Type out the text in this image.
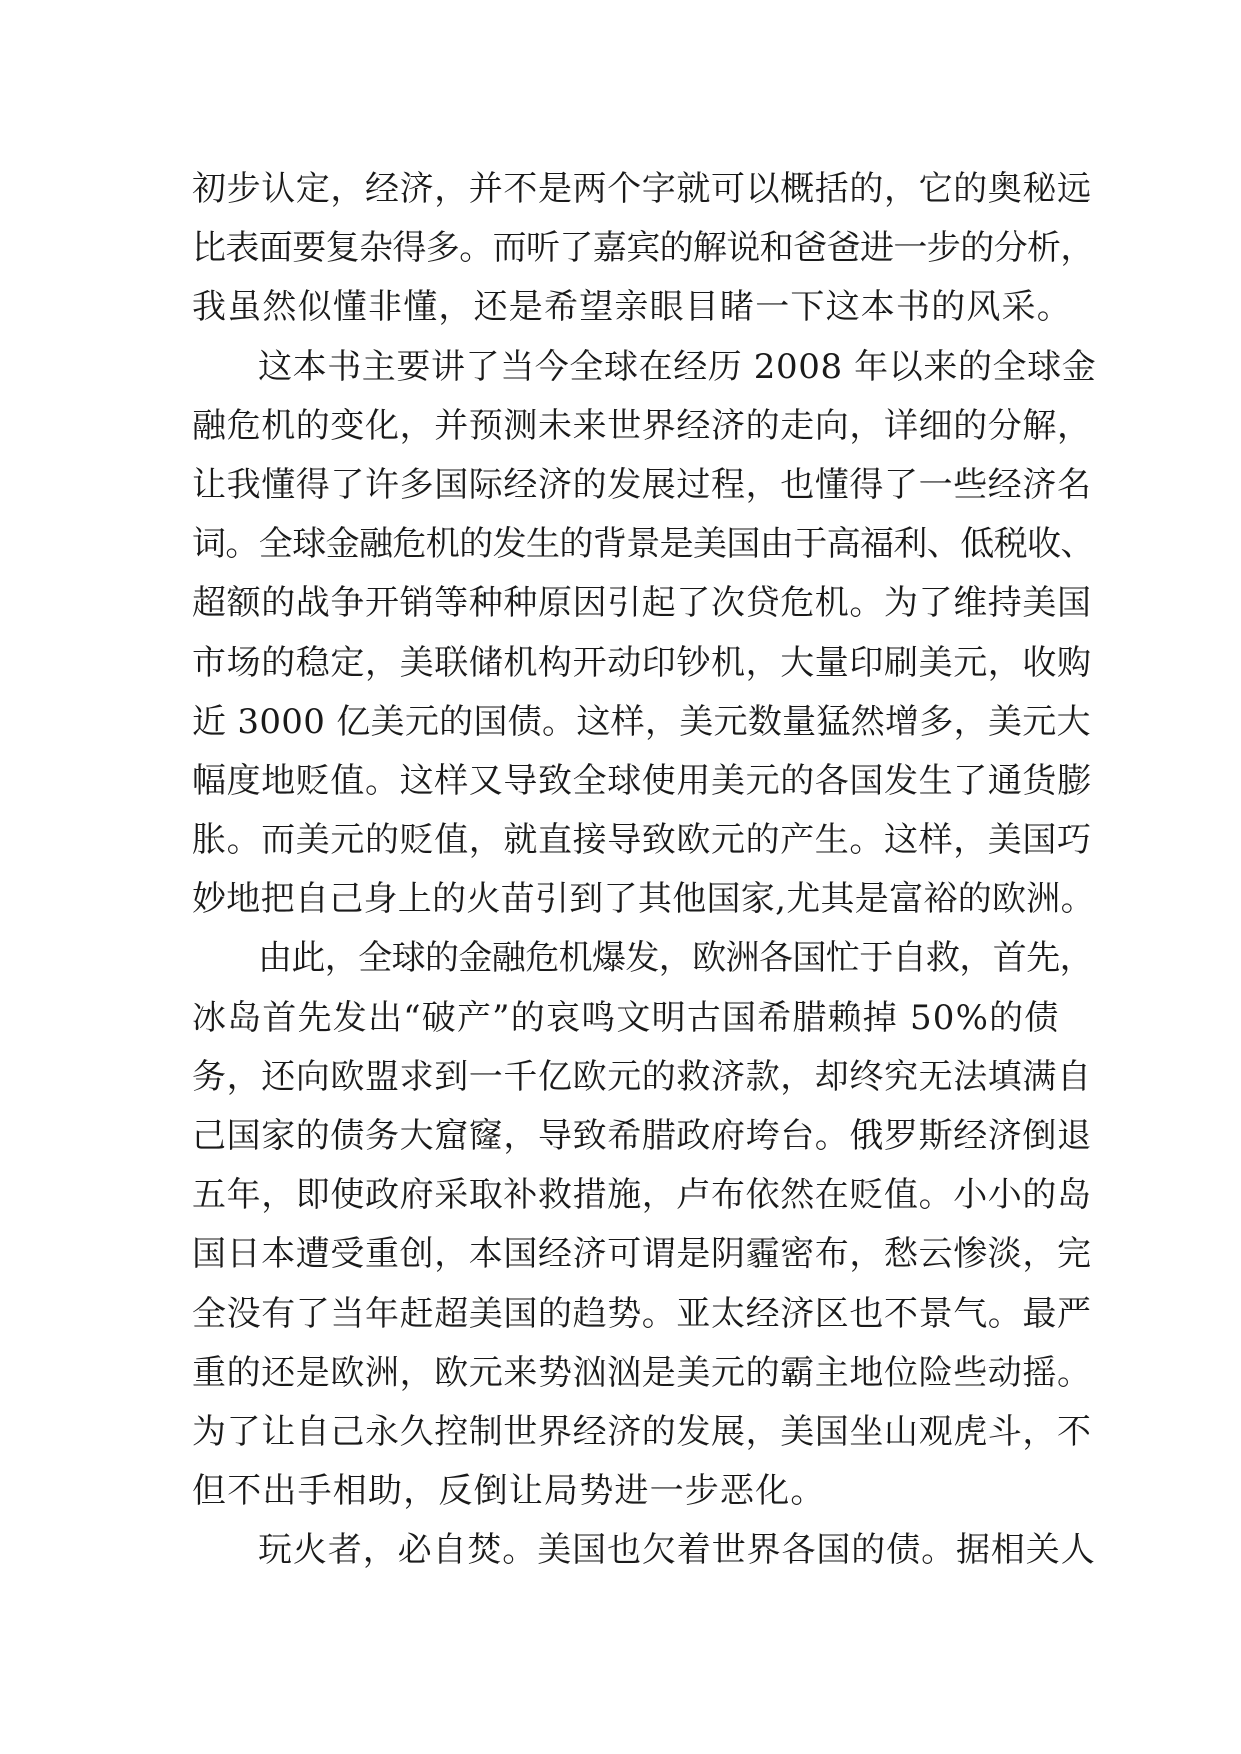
初步认定，经济，并不是两个字就可以概括的，它的奥秘远
比表面要复杂得多。而听了嘉宾的解说和爸爸进一步的分析，
我虽然似懂非懂，还是希望亲眼目睹一下这本书的风采。
这本书主要讲了当今全球在经历 2008 年以来的全球金
融危机的变化，并预测未来世界经济的走向，详细的分解，
让我懂得了许多国际经济的发展过程，也懂得了一些经济名
词。全球金融危机的发生的背景是美国由于高福利、低税收、
超额的战争开销等种种原因引起了次贷危机。为了维持美国
市场的稳定，美联储机构开动印钞机，大量印刷美元，收购
近 3000 亿美元的国债。这样，美元数量猛然增多，美元大
幅度地贬值。这样又导致全球使用美元的各国发生了通货膨
胀。而美元的贬值，就直接导致欧元的产生。这样，美国巧
妙地把自己身上的火苗引到了其他国家,尤其是富裕的欧洲。
由此，全球的金融危机爆发，欧洲各国忙于自救，首先，
冰岛首先发出“破产”的哀鸣文明古国希腊赖掉 50%的债
务，还向欧盟求到一千亿欧元的救济款，却终究无法填满自
己国家的债务大窟窿，导致希腊政府垮台。俄罗斯经济倒退
五年，即使政府采取补救措施，卢布依然在贬值。小小的岛
国日本遭受重创，本国经济可谓是阴霾密布，愁云惨淡，完
全没有了当年赶超美国的趋势。亚太经济区也不景气。最严
重的还是欧洲，欧元来势汹汹是美元的霸主地位险些动摇。
为了让自己永久控制世界经济的发展，美国坐山观虎斗，不
但不出手相助，反倒让局势进一步恶化。
玩火者，必自焚。美国也欠着世界各国的债。据相关人
